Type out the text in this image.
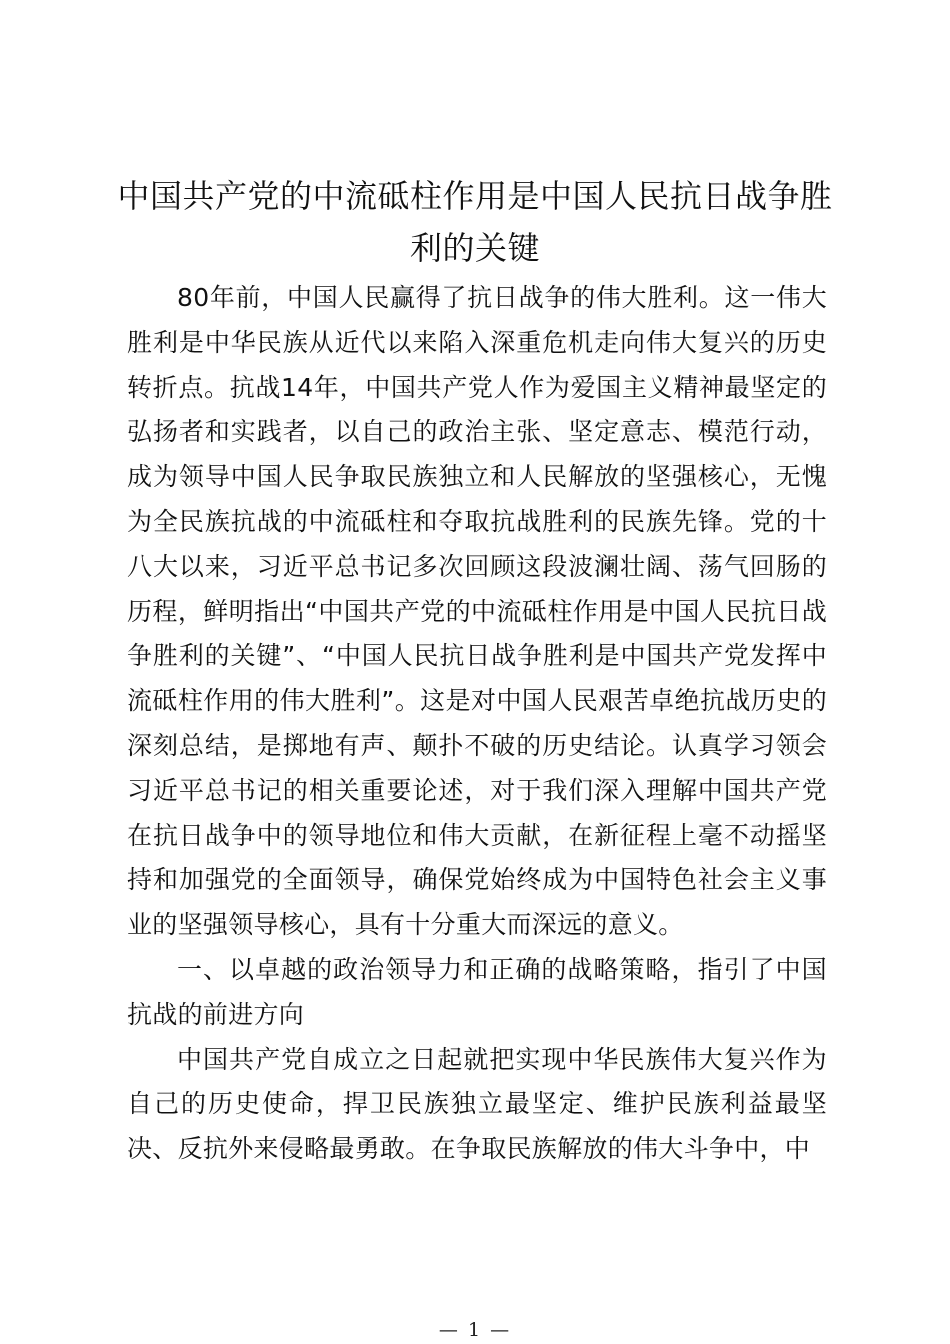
中国共产党的中流砥柱作用是中国人民抗日战争胜利的关键

80年前，中国人民赢得了抗日战争的伟大胜利。这一伟大胜利是中华民族从近代以来陷入深重危机走向伟大复兴的历史转折点。抗战14年，中国共产党人作为爱国主义精神最坚定的弘扬者和实践者，以自己的政治主张、坚定意志、模范行动，成为领导中国人民争取民族独立和人民解放的坚强核心，无愧为全民族抗战的中流砥柱和夺取抗战胜利的民族先锋。党的十八大以来，习近平总书记多次回顾这段波澜壮阔、荡气回肠的历程，鲜明指出“中国共产党的中流砥柱作用是中国人民抗日战争胜利的关键”、“中国人民抗日战争胜利是中国共产党发挥中流砥柱作用的伟大胜利”。这是对中国人民艰苦卓绝抗战历史的深刻总结，是掷地有声、颠扑不破的历史结论。认真学习领会习近平总书记的相关重要论述，对于我们深入理解中国共产党在抗日战争中的领导地位和伟大贡献，在新征程上毫不动摇坚持和加强党的全面领导，确保党始终成为中国特色社会主义事业的坚强领导核心，具有十分重大而深远的意义。

一、以卓越的政治领导力和正确的战略策略，指引了中国抗战的前进方向

中国共产党自成立之日起就把实现中华民族伟大复兴作为自己的历史使命，捍卫民族独立最坚定、维护民族利益最坚决、反抗外来侵略最勇敢。在争取民族解放的伟大斗争中，中

— 1 —
